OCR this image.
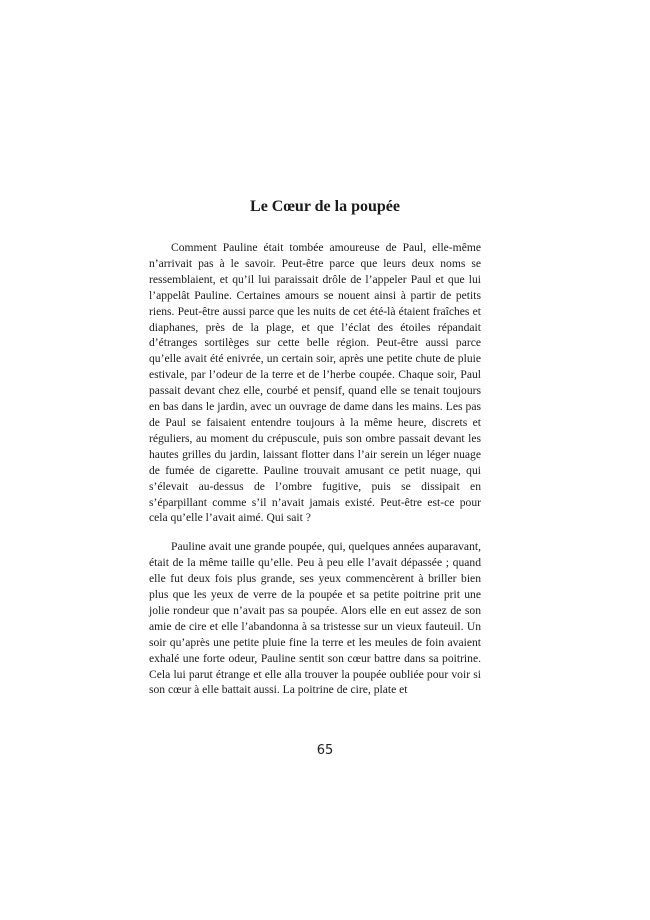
Le Cœur de la poupée

Comment Pauline était tombée amoureuse de Paul, elle-même n’arrivait pas à le savoir. Peut-être parce que leurs deux noms se ressemblaient, et qu’il lui paraissait drôle de l’appeler Paul et que lui l’appelât Pauline. Certaines amours se nouent ainsi à partir de petits riens. Peut-être aussi parce que les nuits de cet été-là étaient fraîches et diaphanes, près de la plage, et que l’éclat des étoiles répandait d’étranges sortilèges sur cette belle région. Peut-être aussi parce qu’elle avait été enivrée, un certain soir, après une petite chute de pluie estivale, par l’odeur de la terre et de l’herbe coupée. Chaque soir, Paul passait devant chez elle, courbé et pensif, quand elle se tenait toujours en bas dans le jardin, avec un ouvrage de dame dans les mains. Les pas de Paul se faisaient entendre toujours à la même heure, discrets et réguliers, au moment du crépuscule, puis son ombre passait devant les hautes grilles du jardin, laissant flotter dans l’air serein un léger nuage de fumée de cigarette. Pauline trouvait amusant ce petit nuage, qui s’élevait au-dessus de l’ombre fugitive, puis se dissipait en s’éparpillant comme s’il n’avait jamais existé. Peut-être est-ce pour cela qu’elle l’avait aimé. Qui sait ?

Pauline avait une grande poupée, qui, quelques années auparavant, était de la même taille qu’elle. Peu à peu elle l’avait dépassée ; quand elle fut deux fois plus grande, ses yeux commencèrent à briller bien plus que les yeux de verre de la poupée et sa petite poitrine prit une jolie rondeur que n’avait pas sa poupée. Alors elle en eut assez de son amie de cire et elle l’abandonna à sa tristesse sur un vieux fauteuil. Un soir qu’après une petite pluie fine la terre et les meules de foin avaient exhalé une forte odeur, Pauline sentit son cœur battre dans sa poitrine. Cela lui parut étrange et elle alla trouver la poupée oubliée pour voir si son cœur à elle battait aussi. La poitrine de cire, plate et

65
